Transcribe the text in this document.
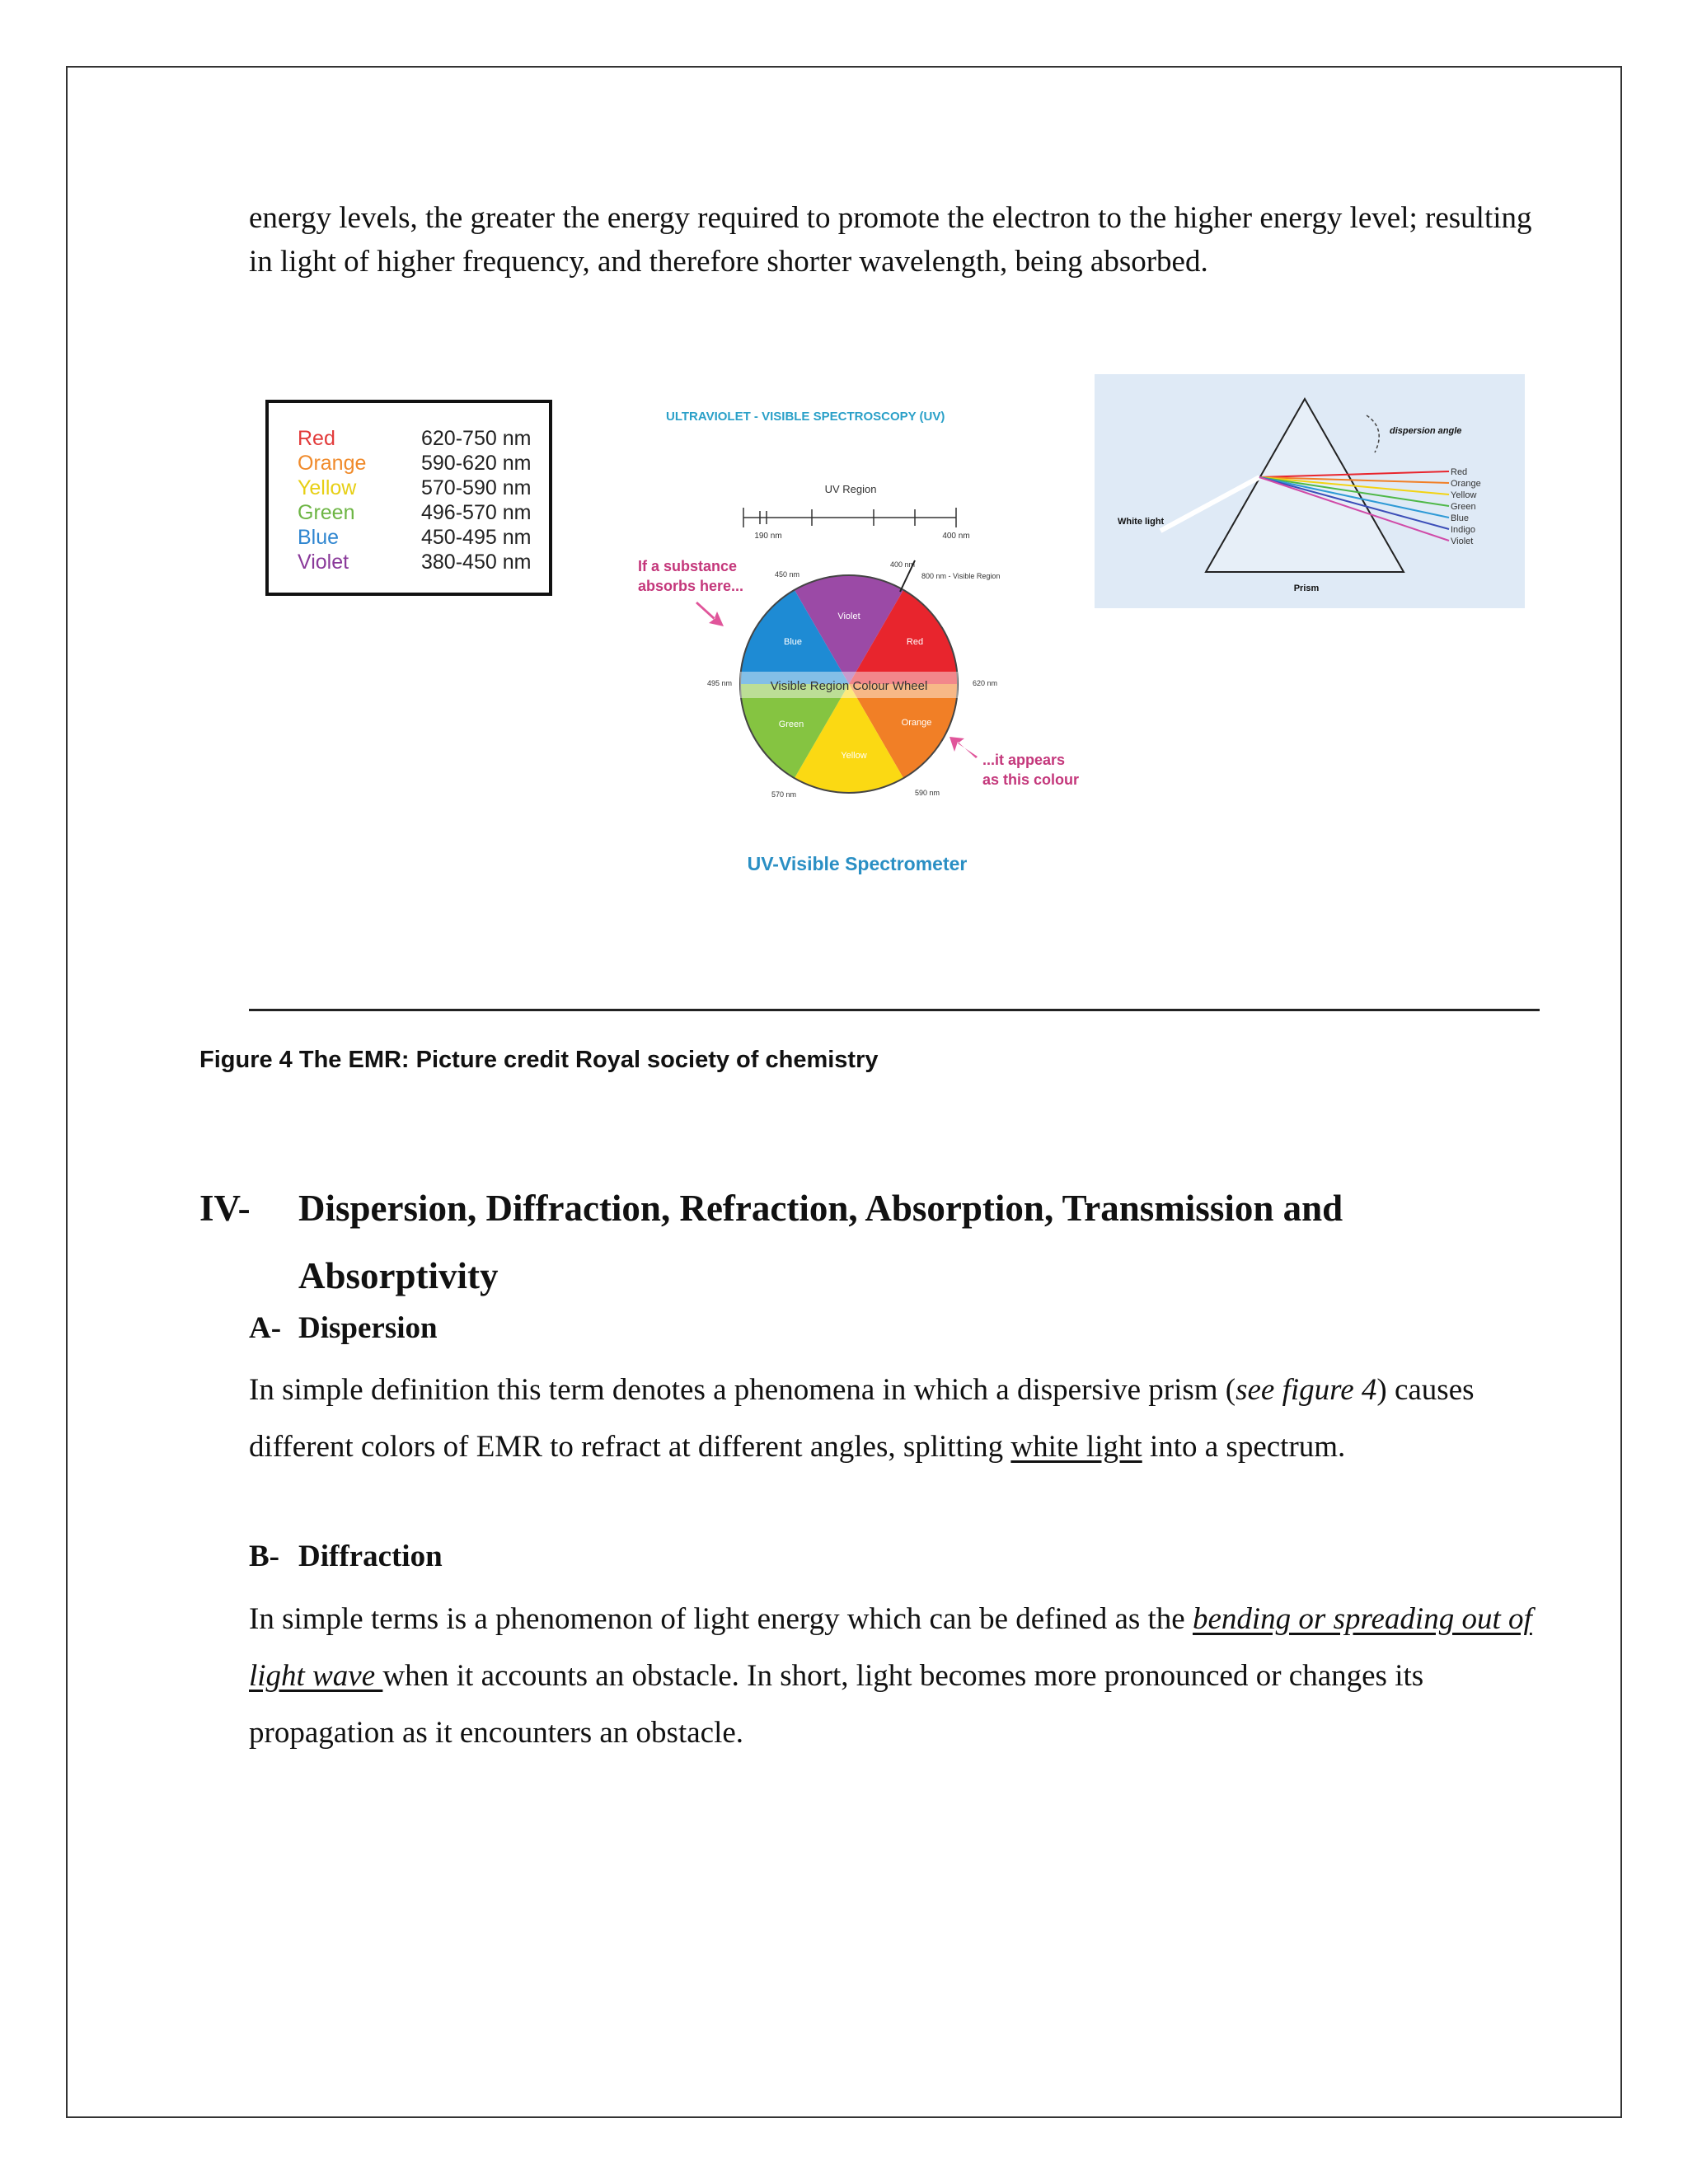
energy levels, the greater the energy required to promote the electron to the higher energy level; resulting in light of higher frequency, and therefore shorter wavelength, being absorbed.

Red	620-750 nm
Orange	590-620 nm
Yellow	570-590 nm
Green	496-570 nm
Blue	450-495 nm
Violet	380-450 nm
ULTRAVIOLET - VISIBLE SPECTROSCOPY (UV)
UV Region
190 nm	400 nm
Visible Region Colour Wheel
Violet
Red
Blue
Green	Orange
Yellow
400 nm
800 nm - Visible Region
450 nm
495 nm	620 nm
570 nm	590 nm
If a substance
absorbs here...
...it appears
as this colour
UV-Visible Spectrometer
White light
dispersion angle
Red
Orange
Yellow
Green
Blue
Indigo
Violet
Prism
Figure 4 The EMR: Picture credit Royal society of chemistry
IV- Dispersion, Diffraction, Refraction, Absorption, Transmission and Absorptivity
A- Dispersion

In simple definition this term denotes a phenomena in which a dispersive prism (see figure 4) causes different colors of EMR to refract at different angles, splitting white light into a spectrum.

B- Diffraction

In simple terms is a phenomenon of light energy which can be defined as the bending or spreading out of light wave when it accounts an obstacle. In short, light becomes more pronounced or changes its propagation as it encounters an obstacle.
